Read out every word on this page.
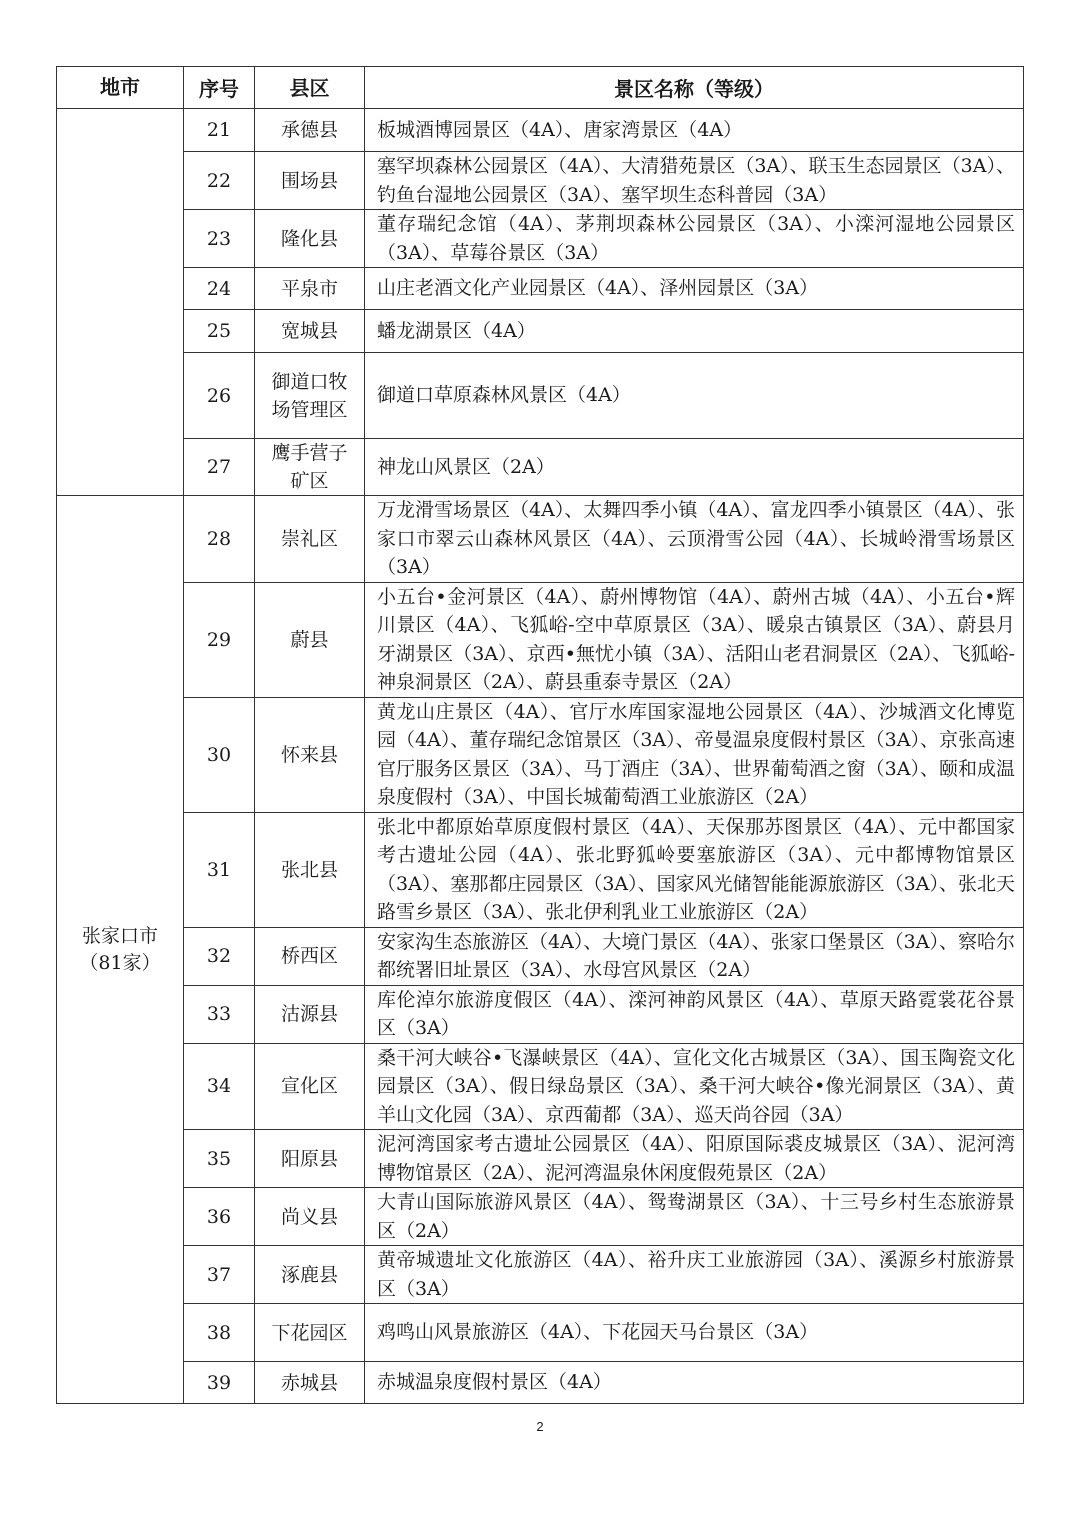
地市	序号	县区	景区名称（等级）
	21	承德县	板城酒博园景区（4A）、唐家湾景区（4A）
	22	围场县	塞罕坝森林公园景区（4A）、大清猎苑景区（3A）、联玉生态园景区（3A）、钓鱼台湿地公园景区（3A）、塞罕坝生态科普园（3A）
	23	隆化县	董存瑞纪念馆（4A）、茅荆坝森林公园景区（3A）、小滦河湿地公园景区（3A）、草莓谷景区（3A）
	24	平泉市	山庄老酒文化产业园景区（4A）、泽州园景区（3A）
	25	宽城县	蟠龙湖景区（4A）
	26	御道口牧场管理区	御道口草原森林风景区（4A）
	27	鹰手营子矿区	神龙山风景区（2A）
张家口市（81家）	28	崇礼区	万龙滑雪场景区（4A）、太舞四季小镇（4A）、富龙四季小镇景区（4A）、张家口市翠云山森林风景区（4A）、云顶滑雪公园（4A）、长城岭滑雪场景区（3A）
	29	蔚县	小五台•金河景区（4A）、蔚州博物馆（4A）、蔚州古城（4A）、小五台•辉川景区（4A）、飞狐峪-空中草原景区（3A）、暖泉古镇景区（3A）、蔚县月牙湖景区（3A）、京西•無忧小镇（3A）、活阳山老君洞景区（2A）、飞狐峪-神泉洞景区（2A）、蔚县重泰寺景区（2A）
	30	怀来县	黄龙山庄景区（4A）、官厅水库国家湿地公园景区（4A）、沙城酒文化博览园（4A）、董存瑞纪念馆景区（3A）、帝曼温泉度假村景区（3A）、京张高速官厅服务区景区（3A）、马丁酒庄（3A）、世界葡萄酒之窗（3A）、颐和成温泉度假村（3A）、中国长城葡萄酒工业旅游区（2A）
	31	张北县	张北中都原始草原度假村景区（4A）、天保那苏图景区（4A）、元中都国家考古遗址公园（4A）、张北野狐岭要塞旅游区（3A）、元中都博物馆景区（3A）、塞那都庄园景区（3A）、国家风光储智能能源旅游区（3A）、张北天路雪乡景区（3A）、张北伊利乳业工业旅游区（2A）
	32	桥西区	安家沟生态旅游区（4A）、大境门景区（4A）、张家口堡景区（3A）、察哈尔都统署旧址景区（3A）、水母宫风景区（2A）
	33	沽源县	库伦淖尔旅游度假区（4A）、滦河神韵风景区（4A）、草原天路霓裳花谷景区（3A）
	34	宣化区	桑干河大峡谷•飞瀑峡景区（4A）、宣化文化古城景区（3A）、国玉陶瓷文化园景区（3A）、假日绿岛景区（3A）、桑干河大峡谷•像光洞景区（3A）、黄羊山文化园（3A）、京西葡都（3A）、巡天尚谷园（3A）
	35	阳原县	泥河湾国家考古遗址公园景区（4A）、阳原国际裘皮城景区（3A）、泥河湾博物馆景区（2A）、泥河湾温泉休闲度假苑景区（2A）
	36	尚义县	大青山国际旅游风景区（4A）、鸳鸯湖景区（3A）、十三号乡村生态旅游景区（2A）
	37	涿鹿县	黄帝城遗址文化旅游区（4A）、裕升庆工业旅游园（3A）、溪源乡村旅游景区（3A）
	38	下花园区	鸡鸣山风景旅游区（4A）、下花园天马台景区（3A）
	39	赤城县	赤城温泉度假村景区（4A）
2
